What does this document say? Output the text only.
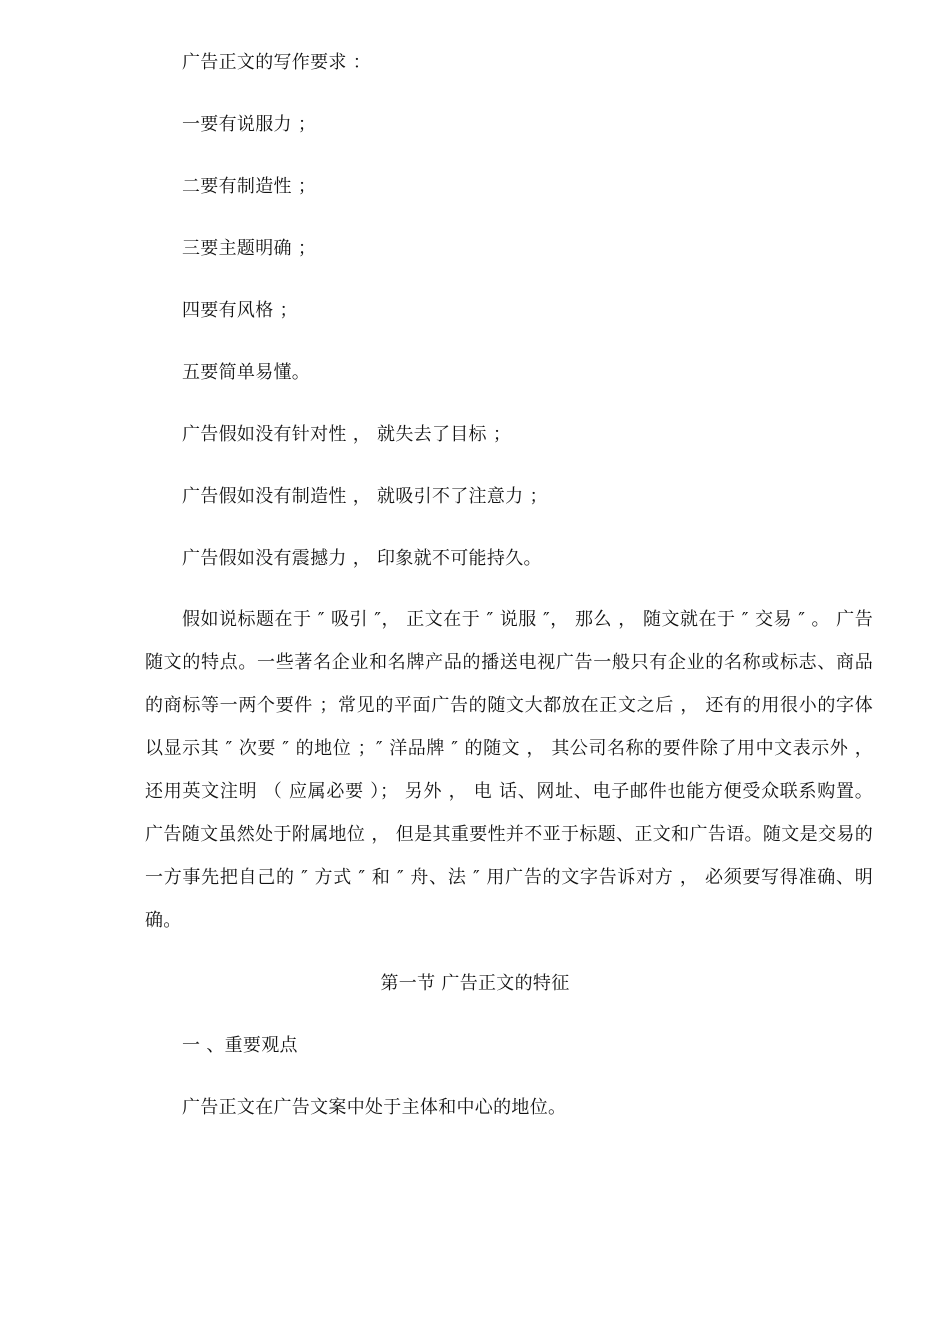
广告正文的写作要求 ：
一要有说服力 ；
二要有制造性 ；
三要主题明确 ；
四要有风格 ；
五要简单易懂。
广告假如没有针对性 ， 就失去了目标 ；
广告假如没有制造性 ， 就吸引不了注意力 ；
广告假如没有震撼力 ， 印象就不可能持久。
假如说标题在于 ″ 吸引 ″， 正文在于 ″ 说服 ″， 那么 ， 随文就在于 ″ 交易 ″ 。 广告随文的特点。一些著名企业和名牌产品的播送电视广告一般只有企业的名称或标志、商品的商标等一两个要件 ；常见的平面广告的随文大都放在正文之后 ， 还有的用很小的字体以显示其 ″ 次要 ″ 的地位 ；″ 洋品牌 ″ 的随文 ， 其公司名称的要件除了用中文表示外 ， 还用英文注明 （ 应属必要 ）； 另外 ， 电 话、网址、电子邮件也能方便受众联系购置。广告随文虽然处于附属地位 ， 但是其重要性并不亚于标题、正文和广告语。随文是交易的一方事先把自己的 ″ 方式 ″ 和 ″ 舟、法 ″ 用广告的文字告诉对方 ， 必须要写得准确、明确。
第一节 广告正文的特征
一 、重要观点
广告正文在广告文案中处于主体和中心的地位。
